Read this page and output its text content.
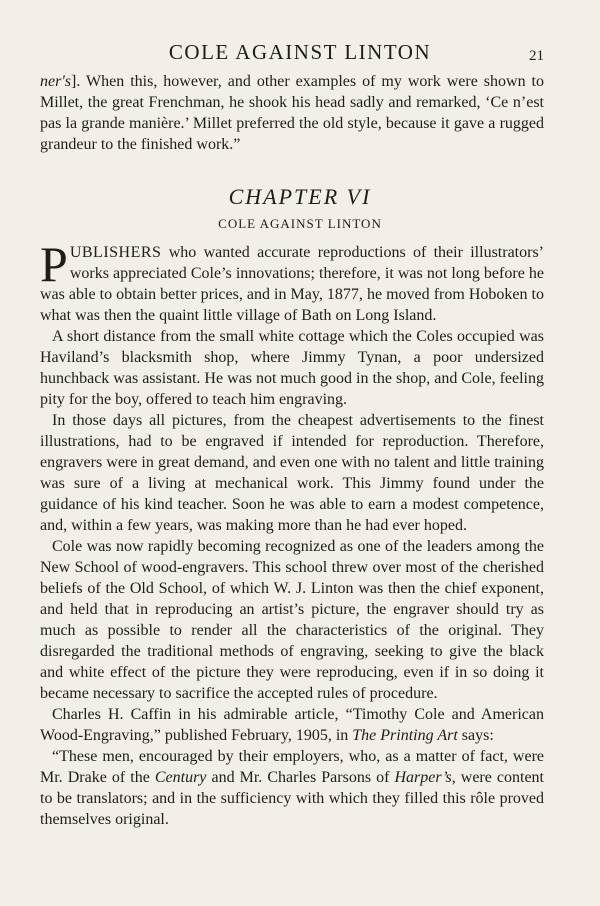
COLE AGAINST LINTON	21

ner's]. When this, however, and other examples of my work were shown to Millet, the great Frenchman, he shook his head sadly and remarked, ‘Ce n’est pas la grande manière.’ Millet preferred the old style, because it gave a rugged grandeur to the finished work.”

CHAPTER VI
COLE AGAINST LINTON

PUBLISHERS who wanted accurate reproductions of their illustrators’ works appreciated Cole’s innovations; therefore, it was not long before he was able to obtain better prices, and in May, 1877, he moved from Hoboken to what was then the quaint little village of Bath on Long Island.

A short distance from the small white cottage which the Coles occupied was Haviland’s blacksmith shop, where Jimmy Tynan, a poor undersized hunchback was assistant. He was not much good in the shop, and Cole, feeling pity for the boy, offered to teach him engraving.

In those days all pictures, from the cheapest advertisements to the finest illustrations, had to be engraved if intended for reproduction. Therefore, engravers were in great demand, and even one with no talent and little training was sure of a living at mechanical work. This Jimmy found under the guidance of his kind teacher. Soon he was able to earn a modest competence, and, within a few years, was making more than he had ever hoped.

Cole was now rapidly becoming recognized as one of the leaders among the New School of wood-engravers. This school threw over most of the cherished beliefs of the Old School, of which W. J. Linton was then the chief exponent, and held that in reproducing an artist’s picture, the engraver should try as much as possible to render all the characteristics of the original. They disregarded the traditional methods of engraving, seeking to give the black and white effect of the picture they were reproducing, even if in so doing it became necessary to sacrifice the accepted rules of procedure.

Charles H. Caffin in his admirable article, “Timothy Cole and American Wood-Engraving,” published February, 1905, in The Printing Art says:

“These men, encouraged by their employers, who, as a matter of fact, were Mr. Drake of the Century and Mr. Charles Parsons of Harper’s, were content to be translators; and in the sufficiency with which they filled this rôle proved themselves original.
